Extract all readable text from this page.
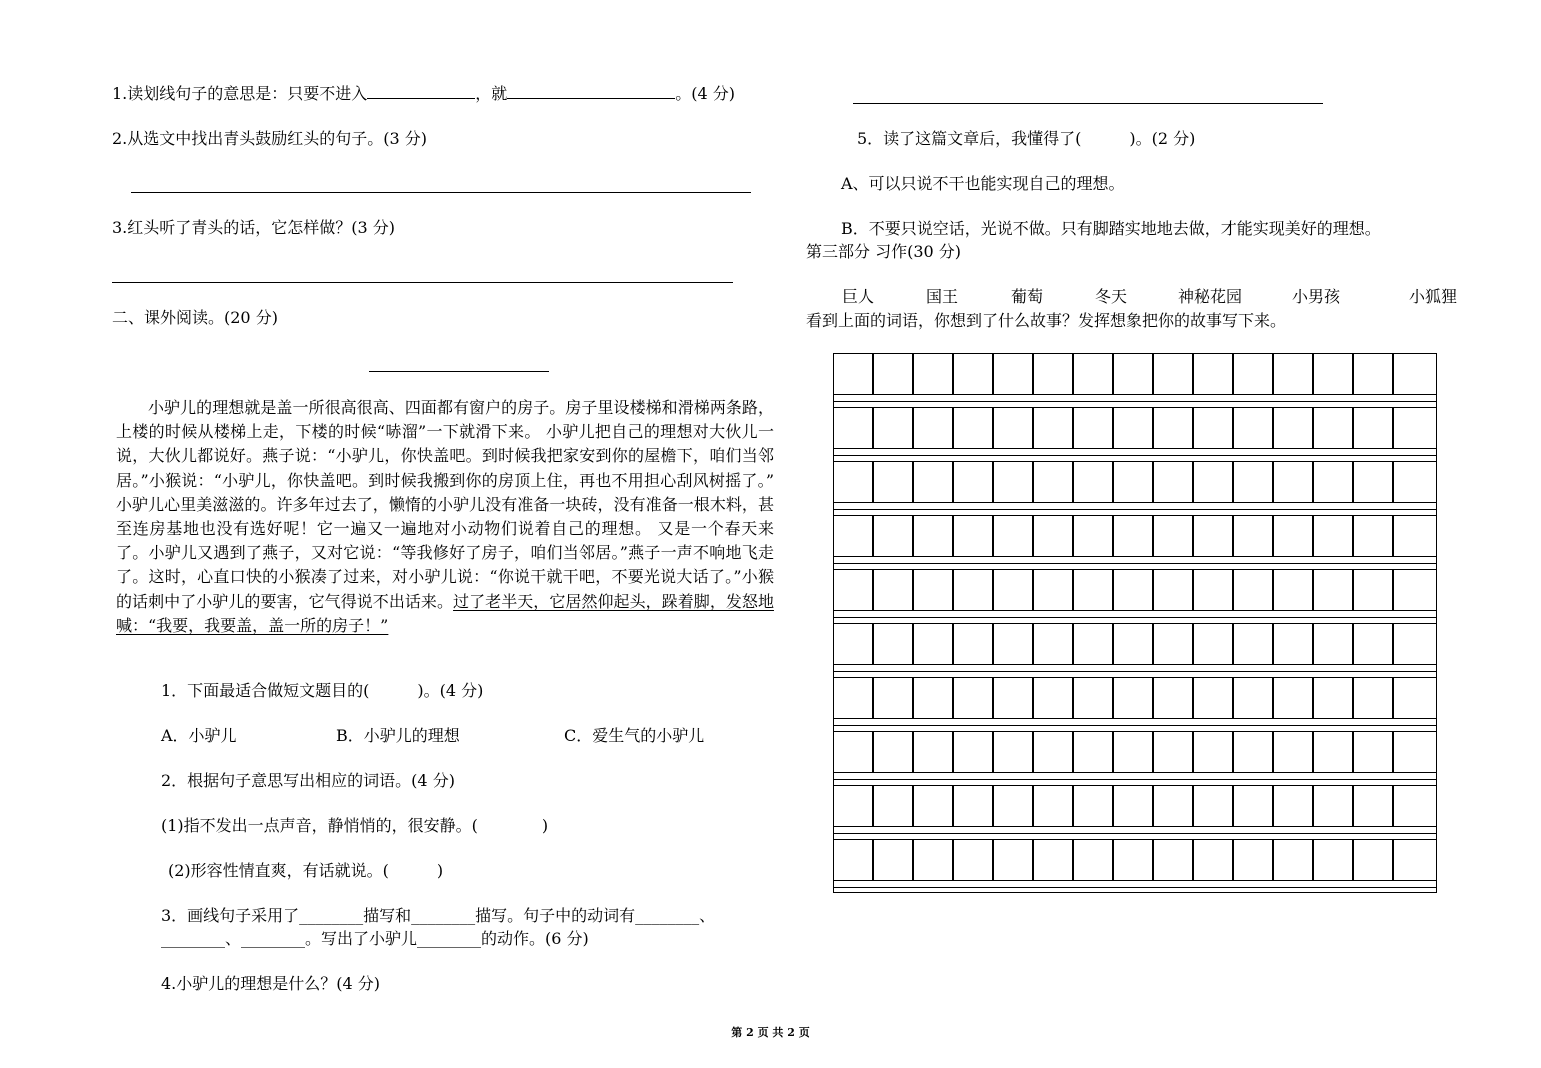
1.读划线句子的意思是：只要不进入	，就	。(4 分)
2.从选文中找出青头鼓励红头的句子。(3 分)
3.红头听了青头的话，它怎样做？(3 分)
二、课外阅读。(20 分)
小驴儿的理想就是盖一所很高很高、四面都有窗户的房子。房子里设楼梯和滑梯两条路，上楼的时候从楼梯上走，下楼的时候“哧溜”一下就滑下来。 小驴儿把自己的理想对大伙儿一说，大伙儿都说好。燕子说：“小驴儿，你快盖吧。到时候我把家安到你的屋檐下，咱们当邻居。”小猴说：“小驴儿，你快盖吧。到时候我搬到你的房顶上住，再也不用担心刮风树摇了。” 小驴儿心里美滋滋的。许多年过去了，懒惰的小驴儿没有准备一块砖，没有准备一根木料，甚至连房基地也没有选好呢！它一遍又一遍地对小动物们说着自己的理想。 又是一个春天来了。小驴儿又遇到了燕子，又对它说：“等我修好了房子，咱们当邻居。”燕子一声不响地飞走了。这时，心直口快的小猴凑了过来，对小驴儿说：“你说干就干吧，不要光说大话了。”小猴的话刺中了小驴儿的要害，它气得说不出话来。过了老半天，它居然仰起头，跺着脚，发怒地喊：“我要，我要盖，盖一所的房子！”
1．下面最适合做短文题目的(　　　)。(4 分)
A．小驴儿	B．小驴儿的理想	C．爱生气的小驴儿
2．根据句子意思写出相应的词语。(4 分)
(1)指不发出一点声音，静悄悄的，很安静。(　　　　)
(2)形容性情直爽，有话就说。(　　　)
3．画线句子采用了________描写和________描写。句子中的动词有________、
________、________。写出了小驴儿________的动作。(6 分)
4.小驴儿的理想是什么？(4 分)
5．读了这篇文章后，我懂得了(　　　)。(2 分)
A、可以只说不干也能实现自己的理想。
B．不要只说空话，光说不做。只有脚踏实地地去做，才能实现美好的理想。
第三部分 习作(30 分)
巨人	国王	葡萄	冬天	神秘花园	小男孩	小狐狸
看到上面的词语，你想到了什么故事？发挥想象把你的故事写下来。
第 2 页 共 2 页
